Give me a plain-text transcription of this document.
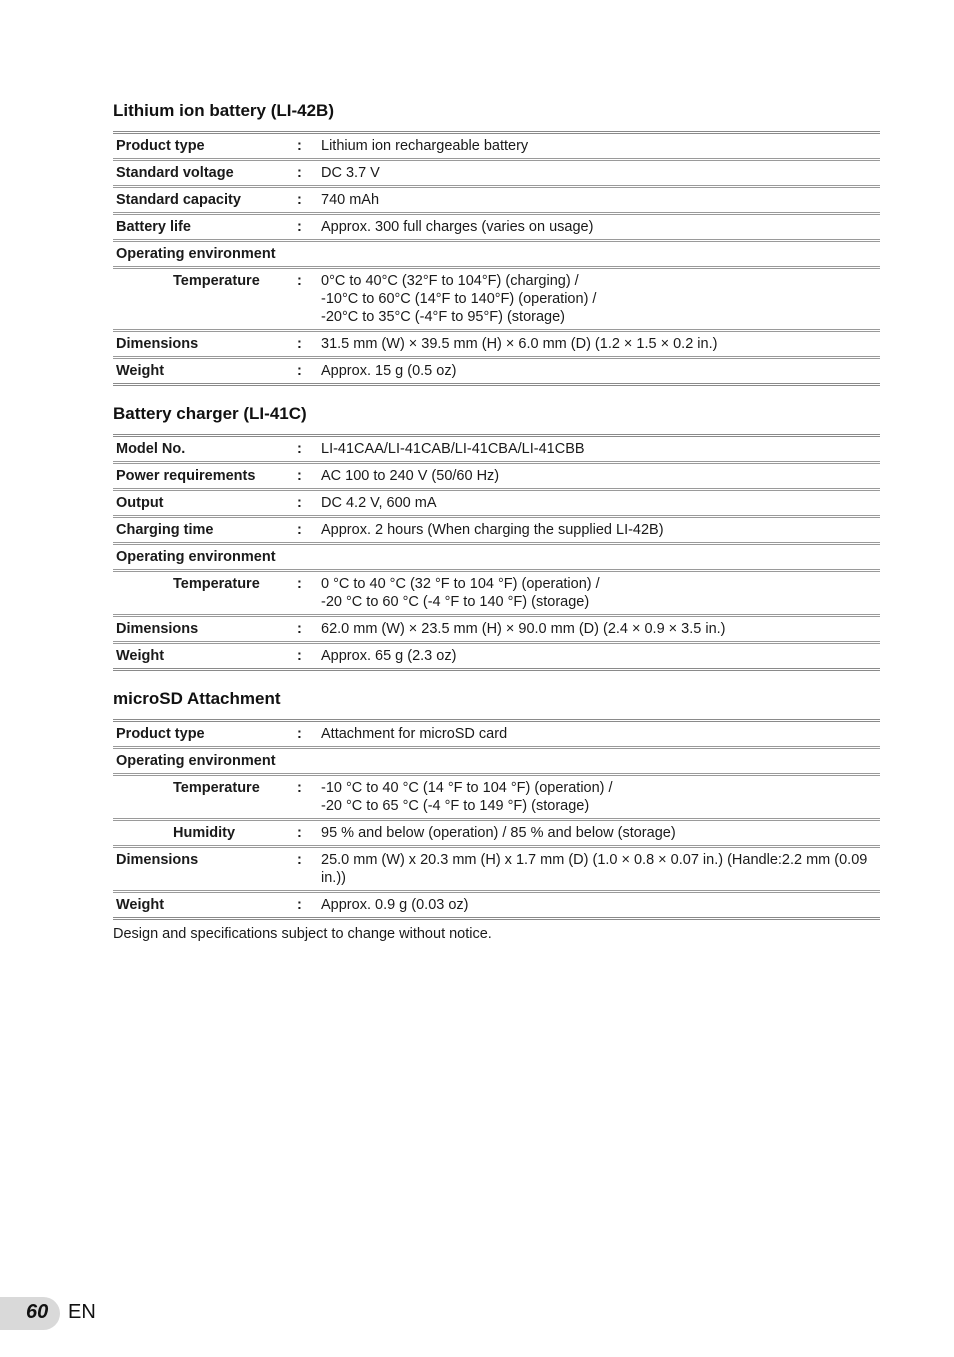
Lithium ion battery (LI-42B)
Product type	:	Lithium ion rechargeable battery
Standard voltage	:	DC 3.7 V
Standard capacity	:	740 mAh
Battery life	:	Approx. 300 full charges (varies on usage)
Operating environment		
Temperature	:	0°C to 40°C (32°F to 104°F) (charging) /
-10°C to 60°C (14°F to 140°F) (operation) /
-20°C to 35°C (-4°F to 95°F) (storage)
Dimensions	:	31.5 mm (W) × 39.5 mm (H) × 6.0 mm (D) (1.2 × 1.5 × 0.2 in.)
Weight	:	Approx. 15 g (0.5 oz)
Battery charger (LI-41C)
Model No.	:	LI-41CAA/LI-41CAB/LI-41CBA/LI-41CBB
Power requirements	:	AC 100 to 240 V (50/60 Hz)
Output	:	DC 4.2 V, 600 mA
Charging time	:	Approx. 2 hours (When charging the supplied LI-42B)
Operating environment		
Temperature	:	0 °C to 40 °C (32 °F to 104 °F) (operation) /
-20 °C to 60 °C (-4 °F to 140 °F) (storage)
Dimensions	:	62.0 mm (W) × 23.5 mm (H) × 90.0 mm (D) (2.4 × 0.9 × 3.5 in.)
Weight	:	Approx. 65 g (2.3 oz)
microSD Attachment
Product type	:	Attachment for microSD card
Operating environment		
Temperature	:	-10 °C to 40 °C (14 °F to 104 °F) (operation) /
-20 °C to 65 °C (-4 °F to 149 °F) (storage)
Humidity	:	95 % and below (operation) / 85 % and below (storage)
Dimensions	:	25.0 mm (W) x 20.3 mm (H) x 1.7 mm (D) (1.0 × 0.8 × 0.07 in.) (Handle:2.2 mm (0.09 in.))
Weight	:	Approx. 0.9 g (0.03 oz)
Design and specifications subject to change without notice.
60 EN
